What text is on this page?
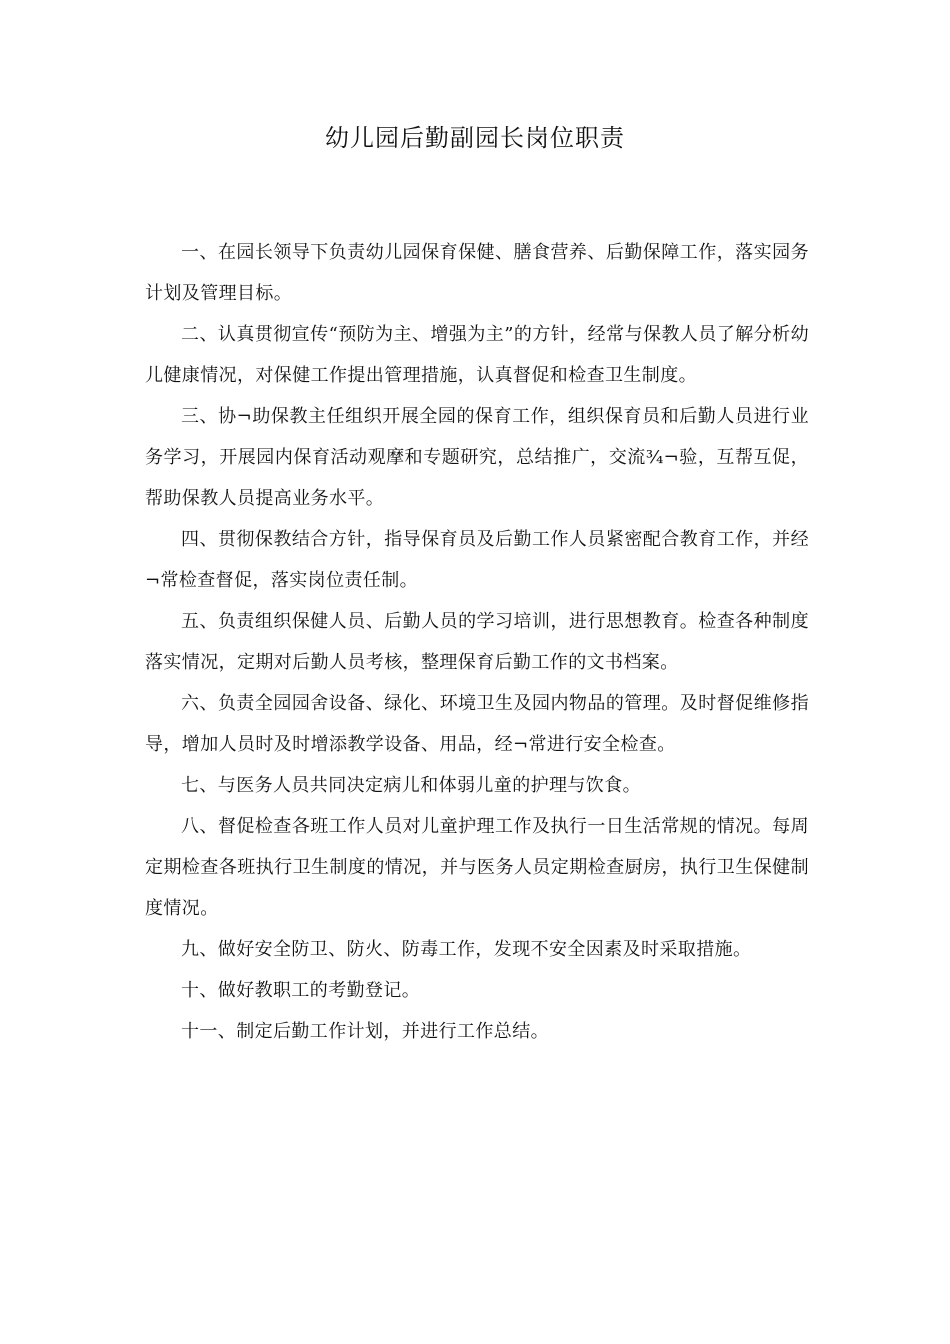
幼儿园后勤副园长岗位职责

一、在园长领导下负责幼儿园保育保健、膳食营养、后勤保障工作，落实园务计划及管理目标。

二、认真贯彻宣传“预防为主、增强为主”的方针，经常与保教人员了解分析幼儿健康情况，对保健工作提出管理措施，认真督促和检查卫生制度。

三、协¬助保教主任组织开展全园的保育工作，组织保育员和后勤人员进行业务学习，开展园内保育活动观摩和专题研究，总结推广，交流¾¬验，互帮互促，帮助保教人员提高业务水平。

四、贯彻保教结合方针，指导保育员及后勤工作人员紧密配合教育工作，并经¬常检查督促，落实岗位责任制。

五、负责组织保健人员、后勤人员的学习培训，进行思想教育。检查各种制度落实情况，定期对后勤人员考核，整理保育后勤工作的文书档案。

六、负责全园园舍设备、绿化、环境卫生及园内物品的管理。及时督促维修指导，增加人员时及时增添教学设备、用品，经¬常进行安全检查。

七、与医务人员共同决定病儿和体弱儿童的护理与饮食。

八、督促检查各班工作人员对儿童护理工作及执行一日生活常规的情况。每周定期检查各班执行卫生制度的情况，并与医务人员定期检查厨房，执行卫生保健制度情况。

九、做好安全防卫、防火、防毒工作，发现不安全因素及时采取措施。

十、做好教职工的考勤登记。

十一、制定后勤工作计划，并进行工作总结。
